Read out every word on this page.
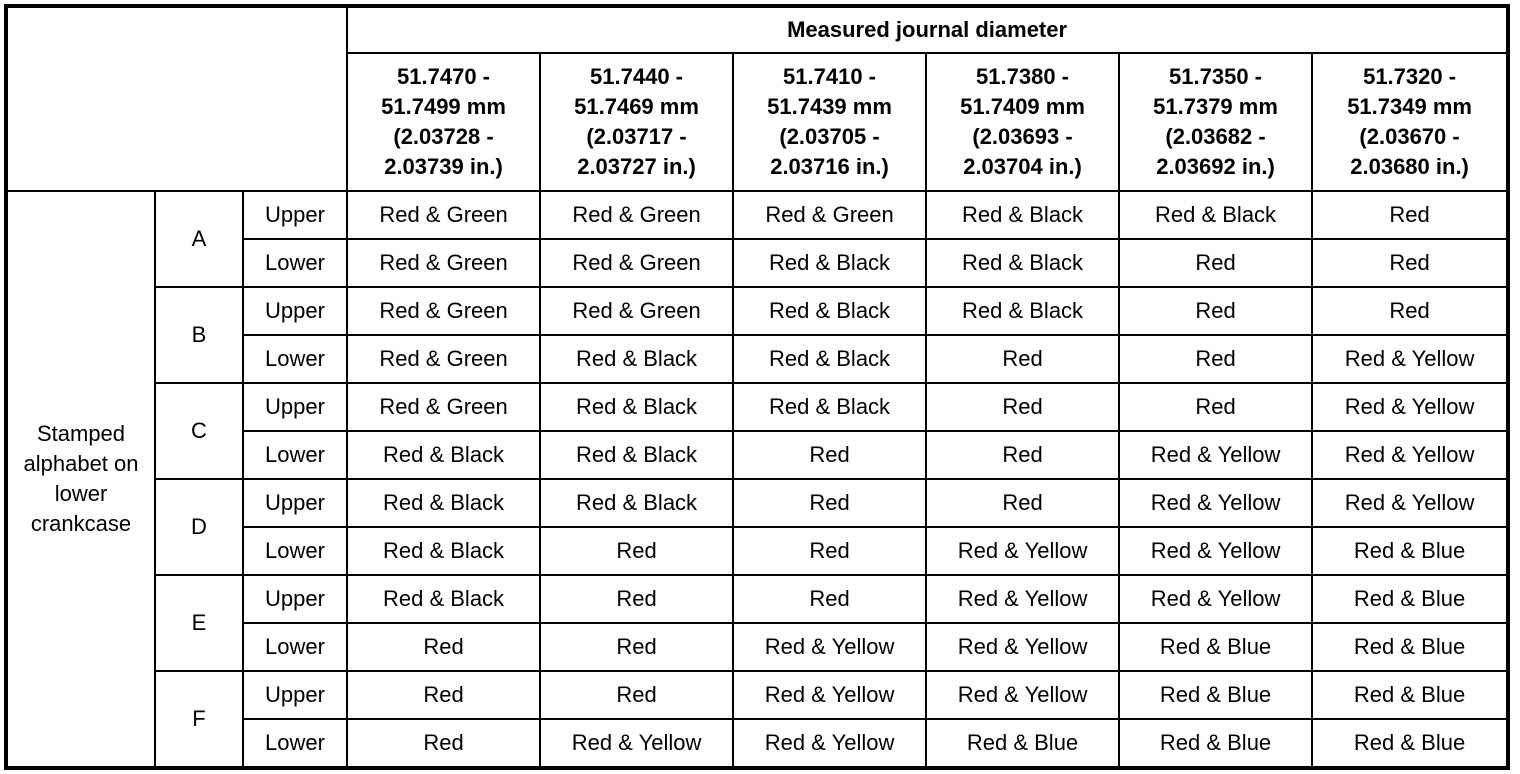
			Measured journal diameter					

			51.7470 -
51.7499 mm
(2.03728 -
2.03739 in.)	51.7440 -
51.7469 mm
(2.03717 -
2.03727 in.)	51.7410 -
51.7439 mm
(2.03705 -
2.03716 in.)	51.7380 -
51.7409 mm
(2.03693 -
2.03704 in.)	51.7350 -
51.7379 mm
(2.03682 -
2.03692 in.)	51.7320 -
51.7349 mm
(2.03670 -
2.03680 in.)

Stamped
alphabet on
lower
crankcase	A	Upper	Red & Green	Red & Green	Red & Green	Red & Black	Red & Black	Red
		Lower	Red & Green	Red & Green	Red & Black	Red & Black	Red	Red
	B	Upper	Red & Green	Red & Green	Red & Black	Red & Black	Red	Red
		Lower	Red & Green	Red & Black	Red & Black	Red	Red	Red & Yellow
	C	Upper	Red & Green	Red & Black	Red & Black	Red	Red	Red & Yellow
		Lower	Red & Black	Red & Black	Red	Red	Red & Yellow	Red & Yellow
	D	Upper	Red & Black	Red & Black	Red	Red	Red & Yellow	Red & Yellow
		Lower	Red & Black	Red	Red	Red & Yellow	Red & Yellow	Red & Blue
	E	Upper	Red & Black	Red	Red	Red & Yellow	Red & Yellow	Red & Blue
		Lower	Red	Red	Red & Yellow	Red & Yellow	Red & Blue	Red & Blue
	F	Upper	Red	Red	Red & Yellow	Red & Yellow	Red & Blue	Red & Blue
		Lower	Red	Red & Yellow	Red & Yellow	Red & Blue	Red & Blue	Red & Blue
